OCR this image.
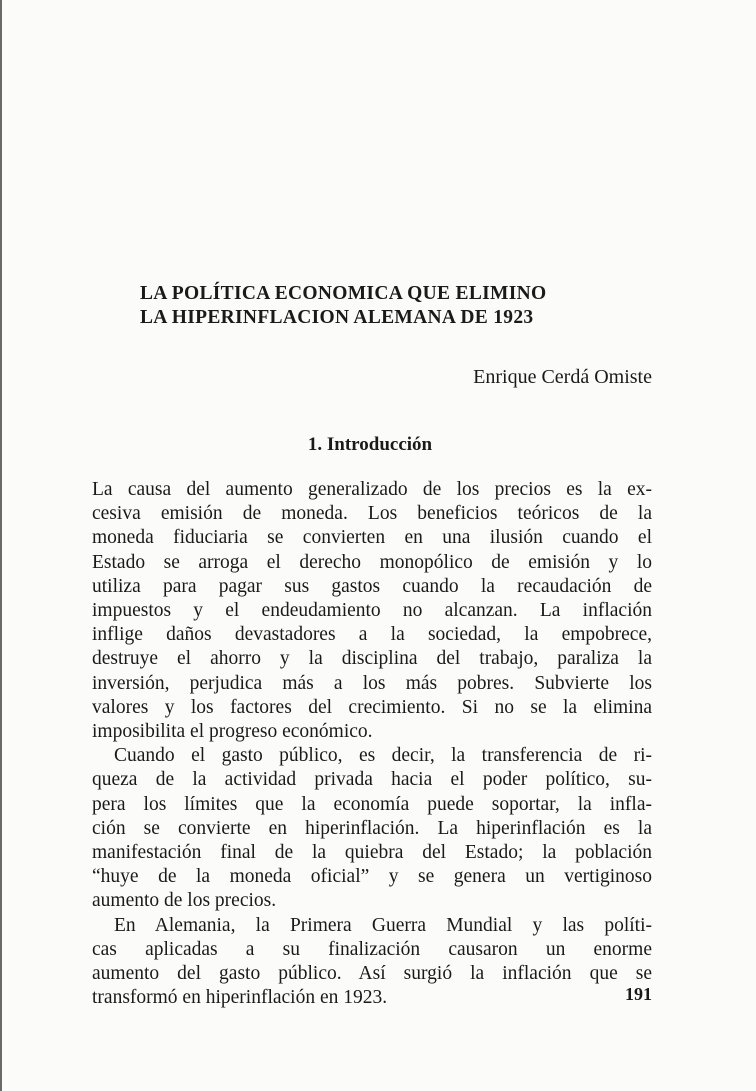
LA POLÍTICA ECONOMICA QUE ELIMINO
LA HIPERINFLACION ALEMANA DE 1923
Enrique Cerdá Omiste
1. Introducción
La causa del aumento generalizado de los precios es la ex-
cesiva emisión de moneda. Los beneficios teóricos de la
moneda fiduciaria se convierten en una ilusión cuando el
Estado se arroga el derecho monopólico de emisión y lo
utiliza para pagar sus gastos cuando la recaudación de
impuestos y el endeudamiento no alcanzan. La inflación
inflige daños devastadores a la sociedad, la empobrece,
destruye el ahorro y la disciplina del trabajo, paraliza la
inversión, perjudica más a los más pobres. Subvierte los
valores y los factores del crecimiento. Si no se la elimina
imposibilita el progreso económico.
Cuando el gasto público, es decir, la transferencia de ri-
queza de la actividad privada hacia el poder político, su-
pera los límites que la economía puede soportar, la infla-
ción se convierte en hiperinflación. La hiperinflación es la
manifestación final de la quiebra del Estado; la población
“huye de la moneda oficial” y se genera un vertiginoso
aumento de los precios.
En Alemania, la Primera Guerra Mundial y las políti-
cas aplicadas a su finalización causaron un enorme
aumento del gasto público. Así surgió la inflación que se
transformó en hiperinflación en 1923.	191
